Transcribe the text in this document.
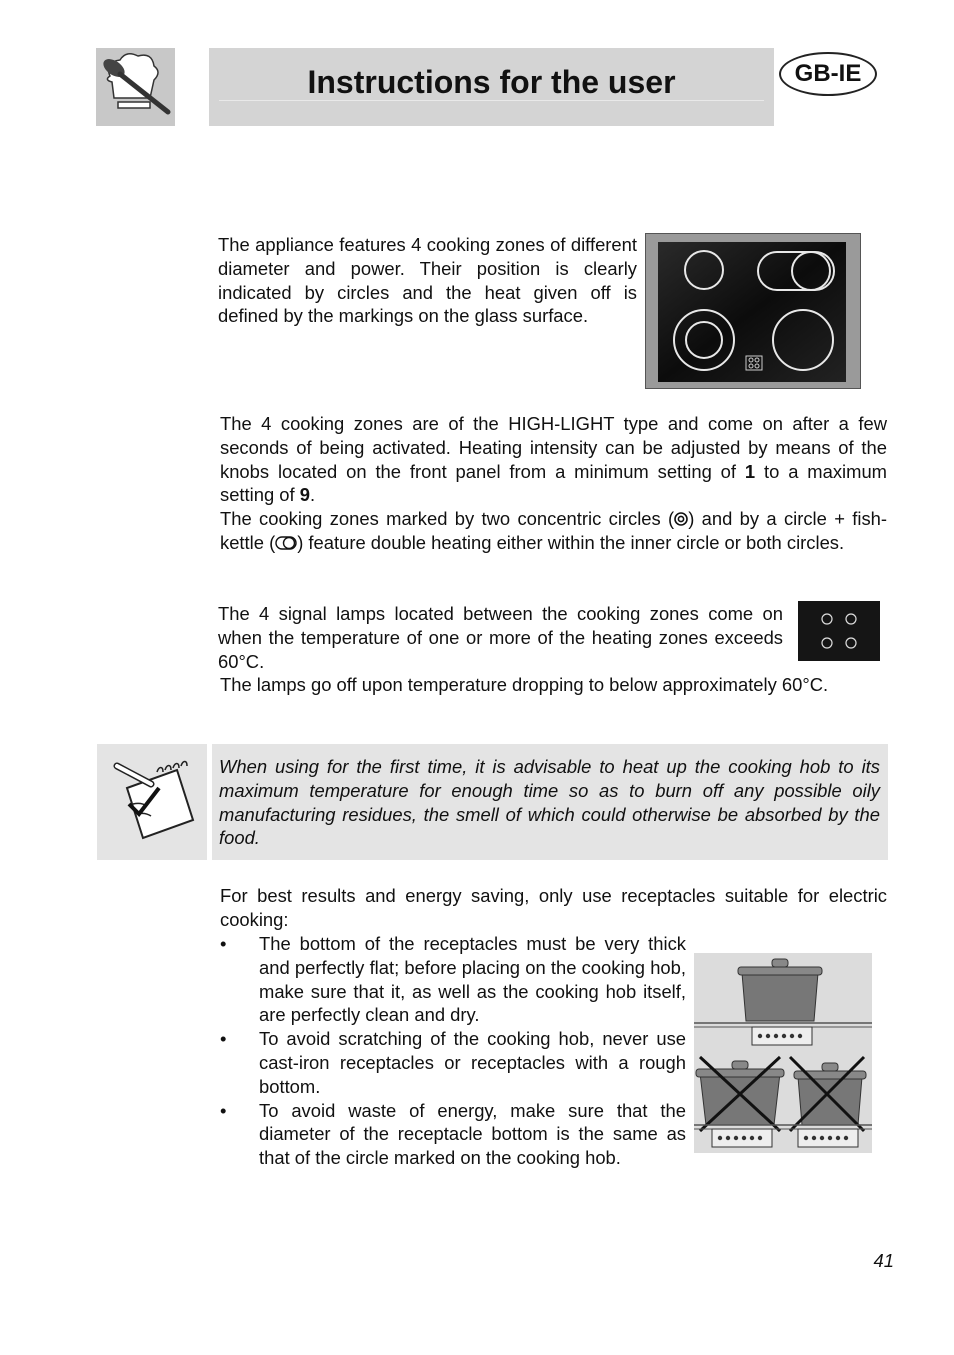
Instructions for the user	GB-IE

The appliance features 4 cooking zones of different diameter and power. Their position is clearly indicated by circles and the heat given off is defined by the markings on the glass surface.

The 4 cooking zones are of the HIGH-LIGHT type and come on after a few seconds of being activated. Heating intensity can be adjusted by means of the knobs located on the front panel from a minimum setting of 1 to a maximum setting of 9.

The cooking zones marked by two concentric circles ( ) and by a circle + fish-kettle ( ) feature double heating either within the inner circle or both circles.

The 4 signal lamps located between the cooking zones come on when the temperature of one or more of the heating zones exceeds 60°C.

The lamps go off upon temperature dropping to below approximately 60°C.

When using for the first time, it is advisable to heat up the cooking hob to its maximum temperature for enough time so as to burn off any possible oily manufacturing residues, the smell of which could otherwise be absorbed by the food.

For best results and energy saving, only use receptacles suitable for electric cooking:

• The bottom of the receptacles must be very thick and perfectly flat; before placing on the cooking hob, make sure that it, as well as the cooking hob itself, are perfectly clean and dry.
• To avoid scratching of the cooking hob, never use cast-iron receptacles or receptacles with a rough bottom.
• To avoid waste of energy, make sure that the diameter of the receptacle bottom is the same as that of the circle marked on the cooking hob.
41
